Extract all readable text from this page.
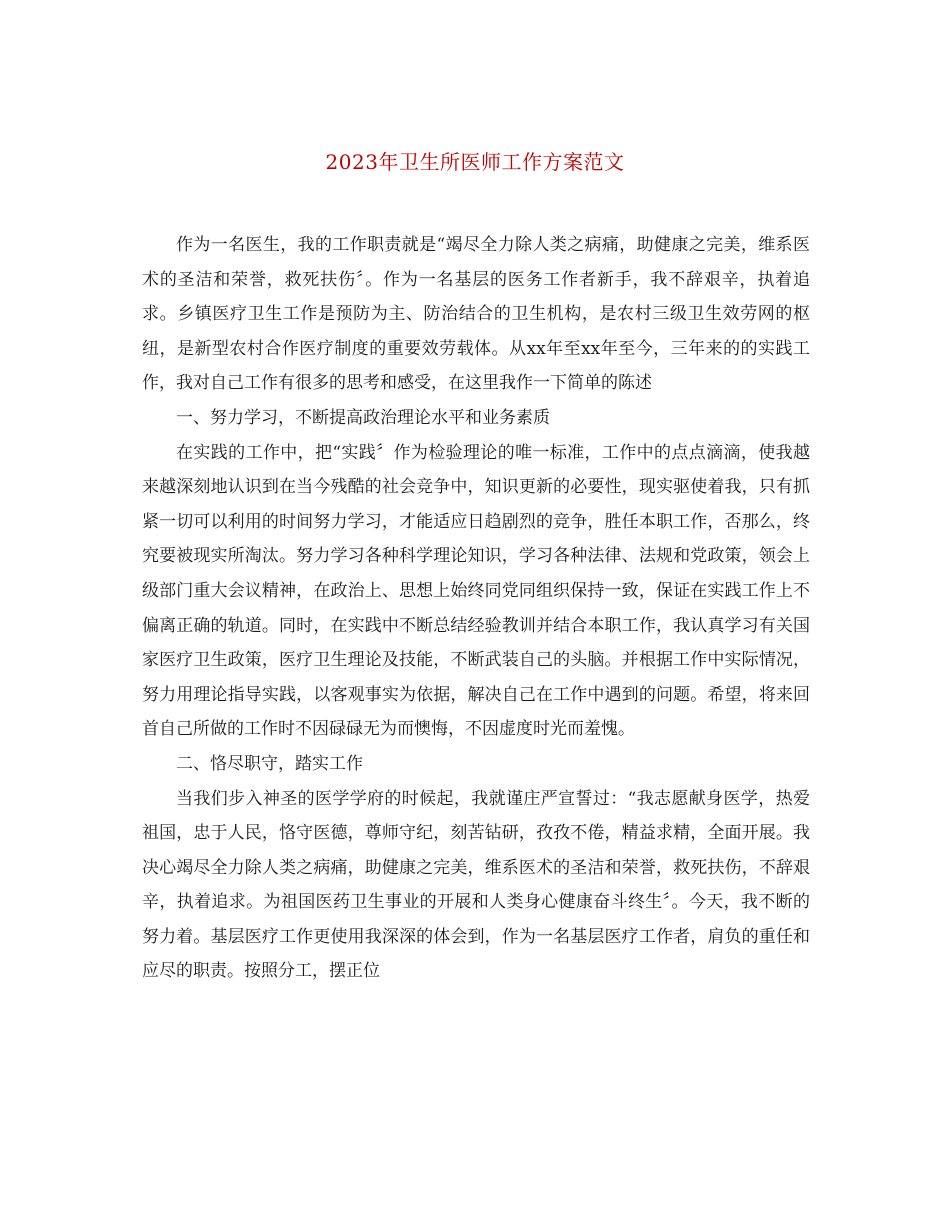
2023年卫生所医师工作方案范文

作为一名医生，我的工作职责就是“竭尽全力除人类之病痛，助健康之完美，维系医术的圣洁和荣誉，救死扶伤〞。作为一名基层的医务工作者新手，我不辞艰辛，执着追求。乡镇医疗卫生工作是预防为主、防治结合的卫生机构，是农村三级卫生效劳网的枢纽，是新型农村合作医疗制度的重要效劳载体。从xx年至xx年至今，三年来的的实践工作，我对自己工作有很多的思考和感受，在这里我作一下简单的陈述

一、努力学习，不断提高政治理论水平和业务素质

在实践的工作中，把“实践〞作为检验理论的唯一标准，工作中的点点滴滴，使我越来越深刻地认识到在当今残酷的社会竞争中，知识更新的必要性，现实驱使着我，只有抓紧一切可以利用的时间努力学习，才能适应日趋剧烈的竞争，胜任本职工作，否那么，终究要被现实所淘汰。努力学习各种科学理论知识，学习各种法律、法规和党政策，领会上级部门重大会议精神，在政治上、思想上始终同党同组织保持一致，保证在实践工作上不偏离正确的轨道。同时，在实践中不断总结经验教训并结合本职工作，我认真学习有关国家医疗卫生政策，医疗卫生理论及技能，不断武装自己的头脑。并根据工作中实际情况，努力用理论指导实践，以客观事实为依据，解决自己在工作中遇到的问题。希望，将来回首自己所做的工作时不因碌碌无为而懊悔，不因虚度时光而羞愧。

二、恪尽职守，踏实工作

当我们步入神圣的医学学府的时候起，我就谨庄严宣誓过：“我志愿献身医学，热爱祖国，忠于人民，恪守医德，尊师守纪，刻苦钻研，孜孜不倦，精益求精，全面开展。我决心竭尽全力除人类之病痛，助健康之完美，维系医术的圣洁和荣誉，救死扶伤，不辞艰辛，执着追求。为祖国医药卫生事业的开展和人类身心健康奋斗终生〞。今天，我不断的努力着。基层医疗工作更使用我深深的体会到，作为一名基层医疗工作者，肩负的重任和应尽的职责。按照分工，摆正位
